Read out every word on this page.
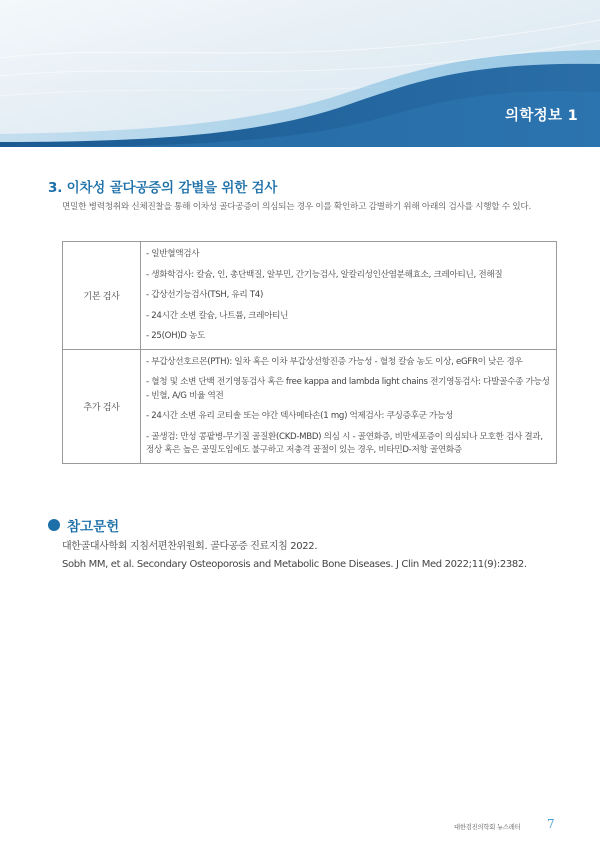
의학정보 1
3. 이차성 골다공증의 감별을 위한 검사

면밀한 병력청취와 신체진찰을 통해 이차성 골다공증이 의심되는 경우 이를 확인하고 감별하기 위해 아래의 검사를 시행할 수 있다.

기본 검사	- 일반혈액검사
- 생화학검사: 칼슘, 인, 총단백질, 알부민, 간기능검사, 알칼리성인산염분해효소, 크레아티닌, 전해질
- 갑상선기능검사(TSH, 유리 T4)
- 24시간 소변 칼슘, 나트륨, 크레아티닌
- 25(OH)D 농도

추가 검사	- 부갑상선호르몬(PTH): 일차 혹은 이차 부갑상선항진증 가능성 - 혈청 칼슘 농도 이상, eGFR이 낮은 경우
- 혈청 및 소변 단백 전기영동검사 혹은 free kappa and lambda light chains 전기영동검사: 다발골수종 가능성 - 빈혈, A/G 비율 역전
- 24시간 소변 유리 코티솔 또는 야간 덱사메타손(1 mg) 억제검사: 쿠싱증후군 가능성
- 골생검: 만성 콩팥병-무기질 골질환(CKD-MBD) 의심 시 - 골연화증, 비만세포증이 의심되나 모호한 검사 결과, 정상 혹은 높은 골밀도임에도 불구하고 저충격 골절이 있는 경우, 비타민D-저항 골연화증
참고문헌
대한골대사학회 지침서편찬위원회. 골다공증 진료지침 2022.
Sobh MM, et al. Secondary Osteoporosis and Metabolic Bone Diseases. J Clin Med 2022;11(9):2382.
대한검진의학회 뉴스레터 7
